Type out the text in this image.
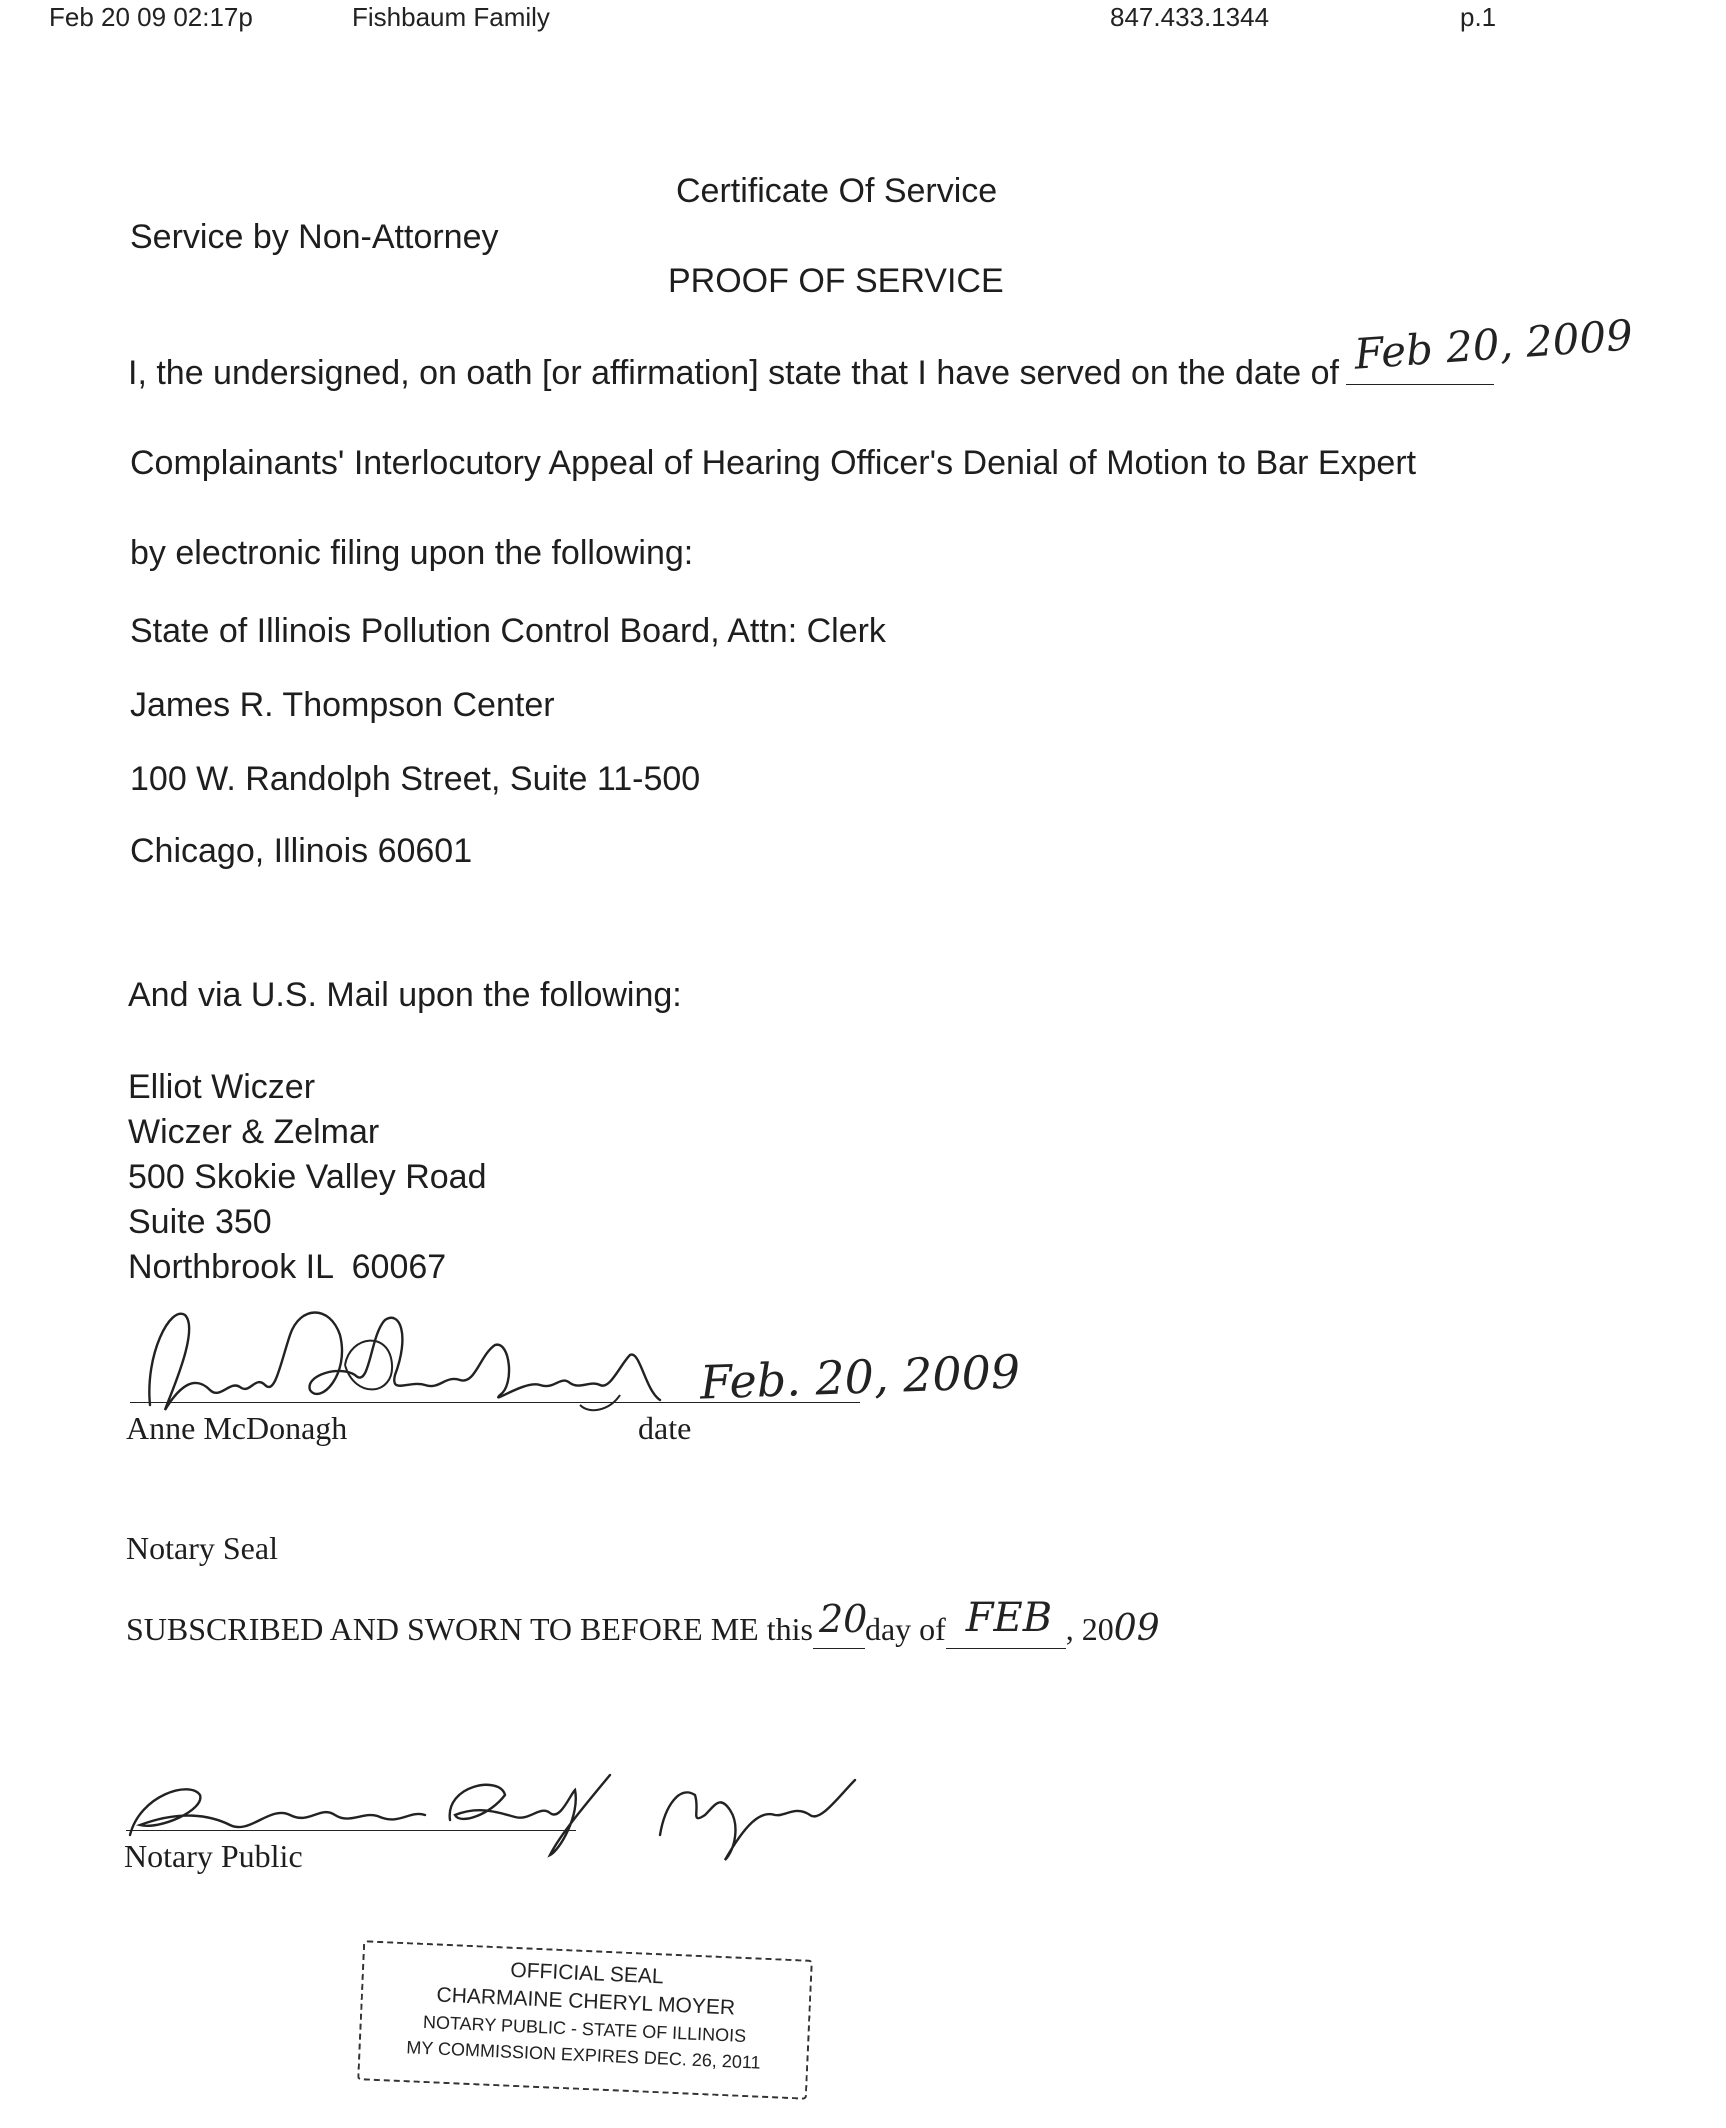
Feb 20 09 02:17p	Fishbaum Family	847.433.1344	p.1
Certificate Of Service
Service by Non-Attorney
PROOF OF SERVICE
I, the undersigned, on oath [or affirmation] state that I have served on the date of Feb 20, 2009
Complainants' Interlocutory Appeal of Hearing Officer's Denial of Motion to Bar Expert
by electronic filing upon the following:
State of Illinois Pollution Control Board, Attn: Clerk
James R. Thompson Center
100 W. Randolph Street, Suite 11-500
Chicago, Illinois 60601
And via U.S. Mail upon the following:
Elliot Wiczer
Wiczer & Zelmar
500 Skokie Valley Road
Suite 350
Northbrook IL  60067
Feb. 20, 2009
Anne McDonagh	date
Notary Seal
SUBSCRIBED AND SWORN TO BEFORE ME this 20
day of FEB , 2009
Notary Public
OFFICIAL SEAL
CHARMAINE CHERYL MOYER
NOTARY PUBLIC - STATE OF ILLINOIS
MY COMMISSION EXPIRES DEC. 26, 2011
